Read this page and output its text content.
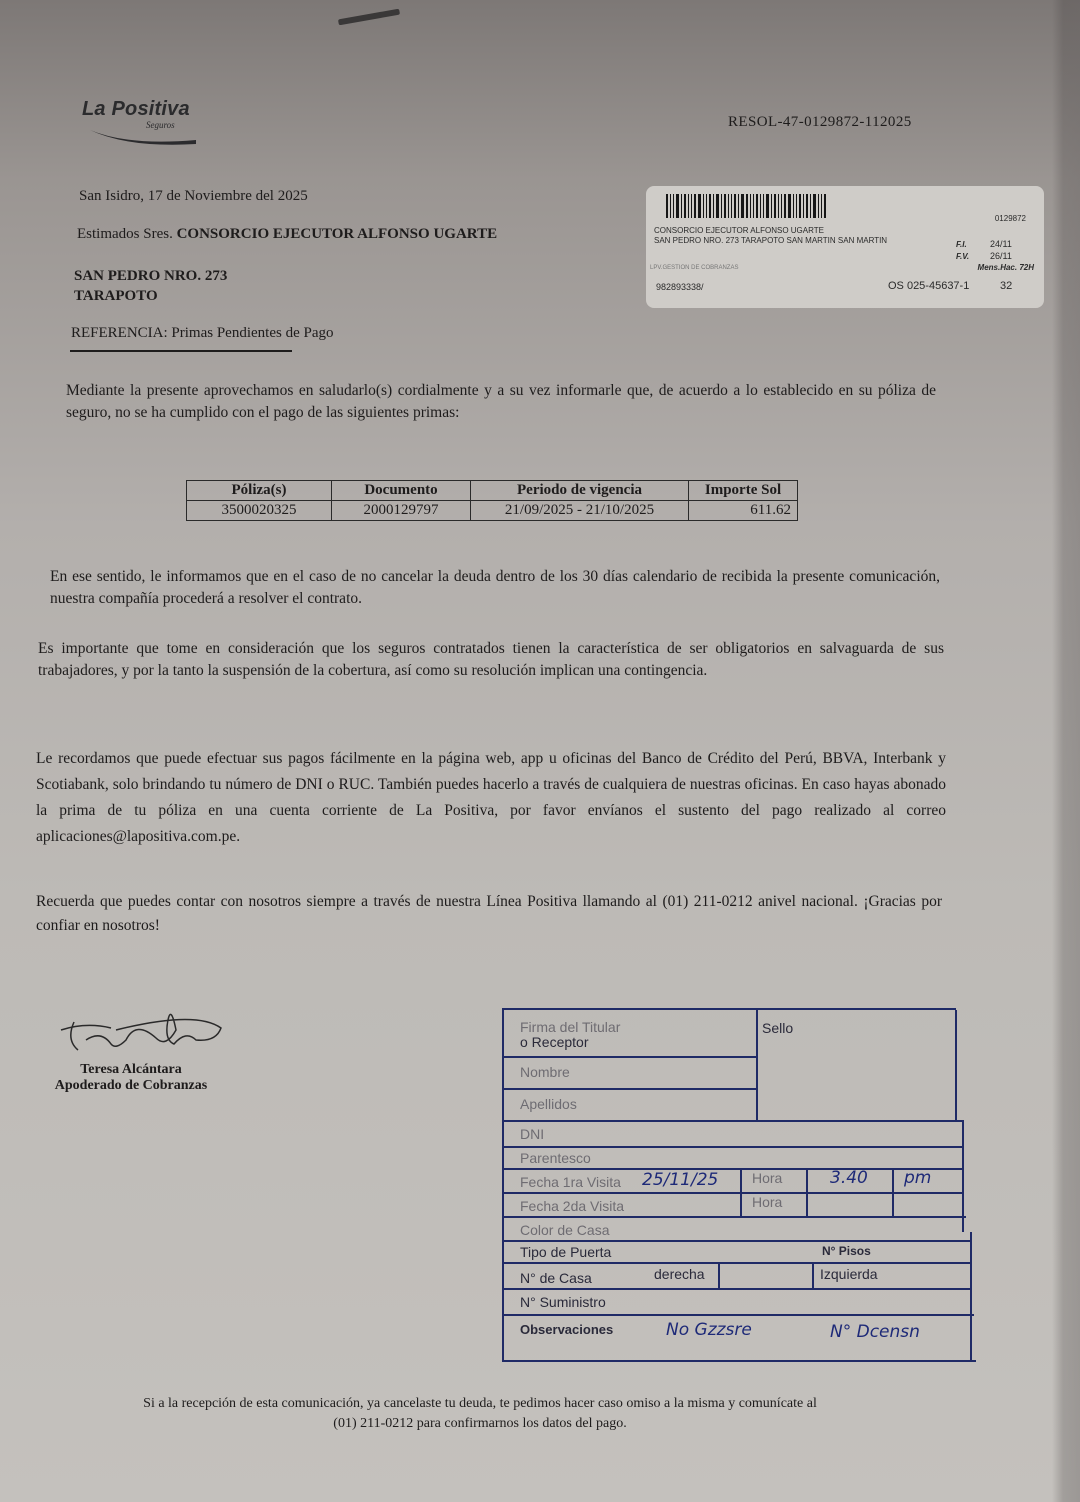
La Positiva
Seguros	RESOL-47-0129872-112025
San Isidro, 17 de Noviembre del 2025
Estimados Sres. CONSORCIO EJECUTOR ALFONSO UGARTE
SAN PEDRO NRO. 273
TARAPOTO
REFERENCIA: Primas Pendientes de Pago
0129872
CONSORCIO EJECUTOR ALFONSO UGARTE
SAN PEDRO NRO. 273 TARAPOTO SAN MARTIN SAN MARTIN	F.I.	24/11
F.V. 26/11
Mens.Hac. 72H
LPV.GESTION DE COBRANZAS
982893338/	OS 025-45637-1	32
Mediante la presente aprovechamos en saludarlo(s) cordialmente y a su vez informarle que, de acuerdo a lo establecido en su póliza de seguro, no se ha cumplido con el pago de las siguientes primas:
Póliza(s)	Documento	Periodo de vigencia	Importe Sol
3500020325	2000129797	21/09/2025 - 21/10/2025	611.62
En ese sentido, le informamos que en el caso de no cancelar la deuda dentro de los 30 días calendario de recibida la presente comunicación, nuestra compañía procederá a resolver el contrato.
Es importante que tome en consideración que los seguros contratados tienen la característica de ser obligatorios en salvaguarda de sus trabajadores, y por la tanto la suspensión de la cobertura, así como su resolución implican una contingencia.
Le recordamos que puede efectuar sus pagos fácilmente en la página web, app u oficinas del Banco de Crédito del Perú, BBVA, Interbank y Scotiabank, solo brindando tu número de DNI o RUC. También puedes hacerlo a través de cualquiera de nuestras oficinas. En caso hayas abonado la prima de tu póliza en una cuenta corriente de La Positiva, por favor envíanos el sustento del pago realizado al correo aplicaciones@lapositiva.com.pe.
Recuerda que puedes contar con nosotros siempre a través de nuestra Línea Positiva llamando al (01) 211-0212 anivel nacional. ¡Gracias por confiar en nosotros!
Teresa Alcántara
Apoderado de Cobranzas
Firma del Titular
o Receptor
Sello
Nombre
Apellidos
DNI
Parentesco
Fecha 1ra Visita 25/11/25 Hora	3.40 pm
Fecha 2da Visita	Hora
Color de Casa
Tipo de Puerta	N° Pisos
N° de Casa	derecha	Izquierda
N° Suministro
Observaciones	No Gzzsre	N° Dcensn
Si a la recepción de esta comunicación, ya cancelaste tu deuda, te pedimos hacer caso omiso a la misma y comunícate al
(01) 211-0212 para confirmarnos los datos del pago.
